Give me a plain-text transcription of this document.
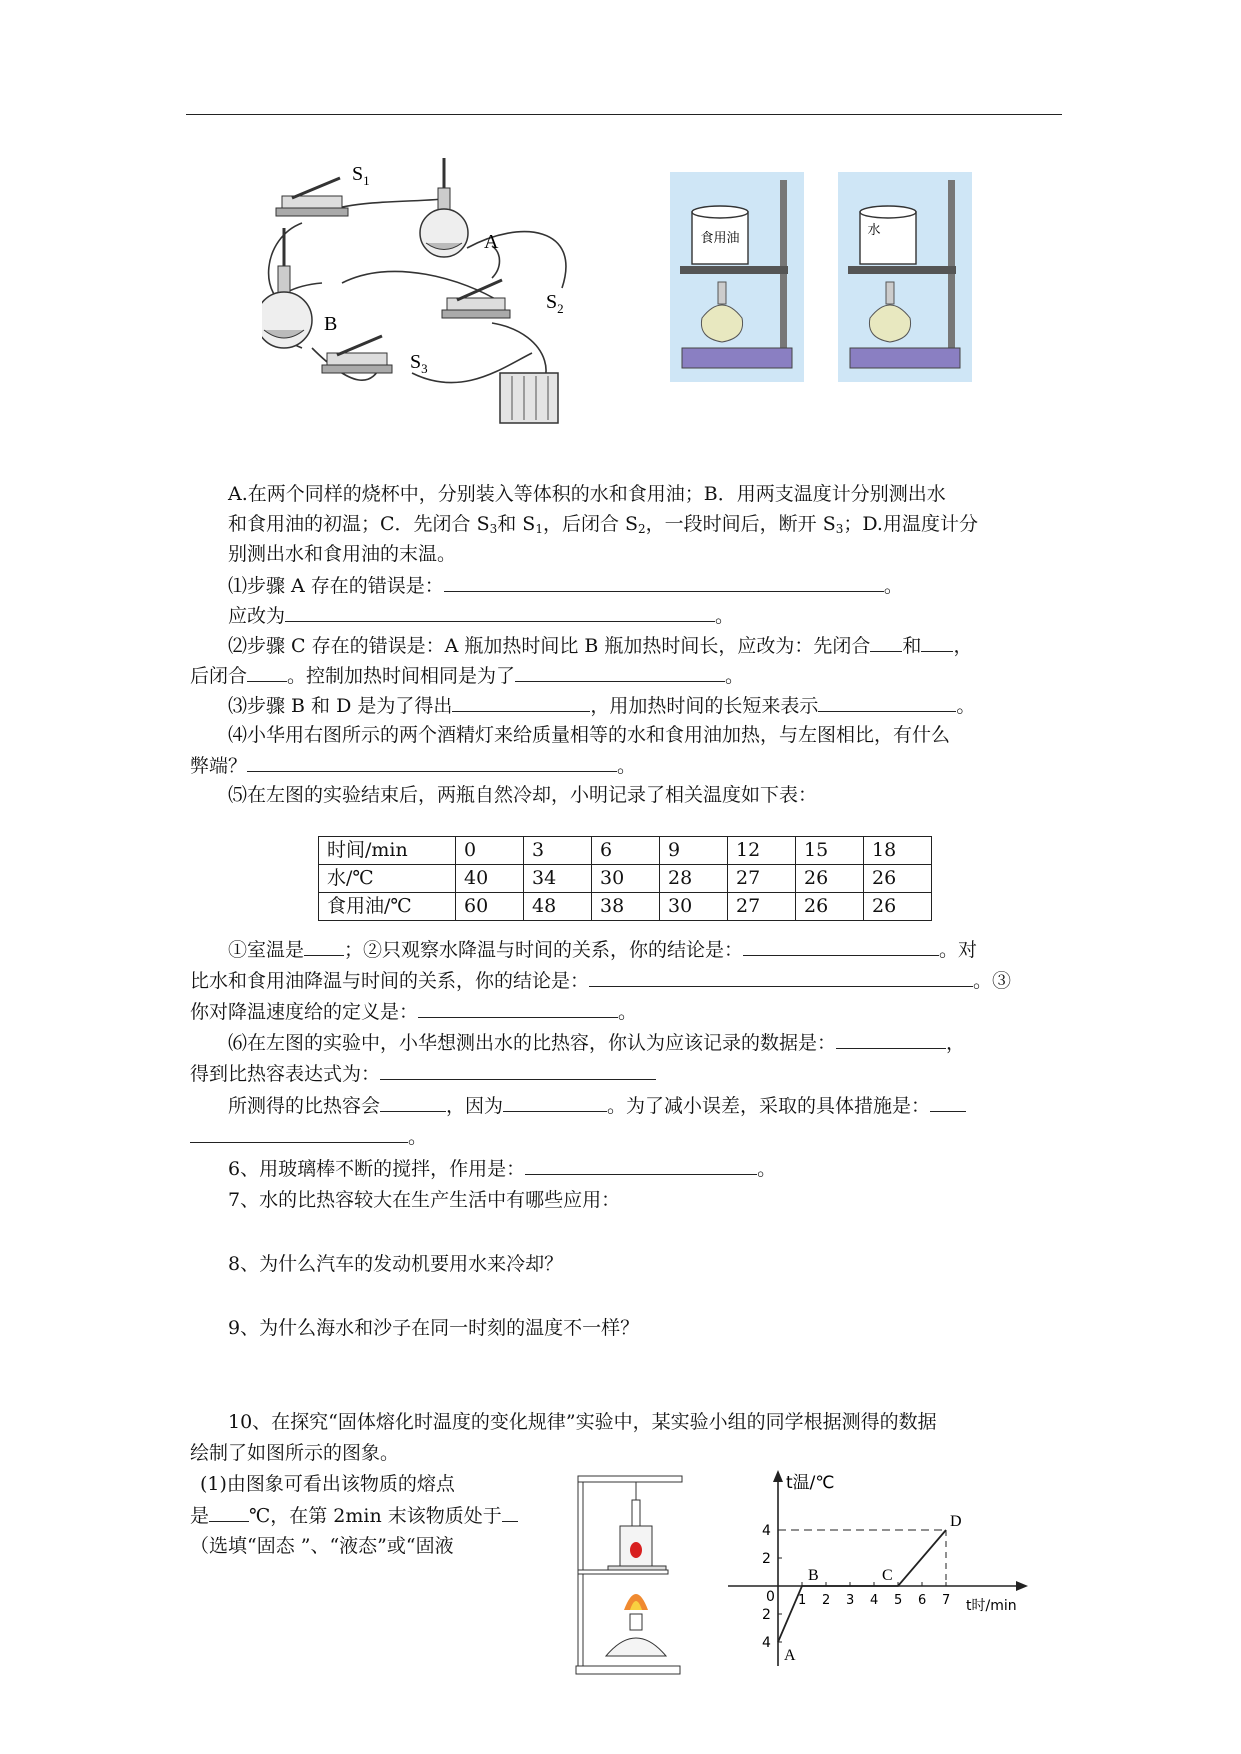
$S_1$
A
B
$S_2$
$S_3$
食用油
水
A.在两个同样的烧杯中，分别装入等体积的水和食用油；B．用两支温度计分别测出水
和食用油的初温；C．先闭合 $S_3$和 $S_1$，后闭合 $S_2$，一段时间后，断开 $S_3$；D.用温度计分
别测出水和食用油的末温。
⑴步骤 A 存在的错误是：	。
应改为	。
⑵步骤 C 存在的错误是：A 瓶加热时间比 B 瓶加热时间长，应改为：先闭合 和 ，
后闭合 。控制加热时间相同是为了	。
⑶步骤 B 和 D 是为了得出	，用加热时间的长短来表示	。
⑷小华用右图所示的两个酒精灯来给质量相等的水和食用油加热，与左图相比，有什么
弊端？	。
⑸在左图的实验结束后，两瓶自然冷却，小明记录了相关温度如下表：
时间/min	0	3	6	9	12	15	18
水/℃	40	34	30	28	27	26	26
食用油/℃	60	48	38	30	27	26	26
①室温是 ；②只观察水降温与时间的关系，你的结论是：	。对
比水和食用油降温与时间的关系，你的结论是：	。③
你对降温速度给的定义是：	。
⑹在左图的实验中，小华想测出水的比热容，你认为应该记录的数据是：	，
得到比热容表达式为：
所测得的比热容会	，因为	。为了减小误差，采取的具体措施是：
。
6、用玻璃棒不断的搅拌，作用是：	。
7、水的比热容较大在生产生活中有哪些应用：
8、为什么汽车的发动机要用水来冷却？
9、为什么海水和沙子在同一时刻的温度不一样？
10、在探究“固体熔化时温度的变化规律”实验中，某实验小组的同学根据测得的数据
绘制了如图所示的图象。
(1)由图象可看出该物质的熔点
是 ℃，在第 2min 末该物质处于
（选填“固态 ”、“液态”或“固液
t温/℃
t时/min
0 1 2 3 4 5 6 7
4
2
2
4
A
B	C
D
